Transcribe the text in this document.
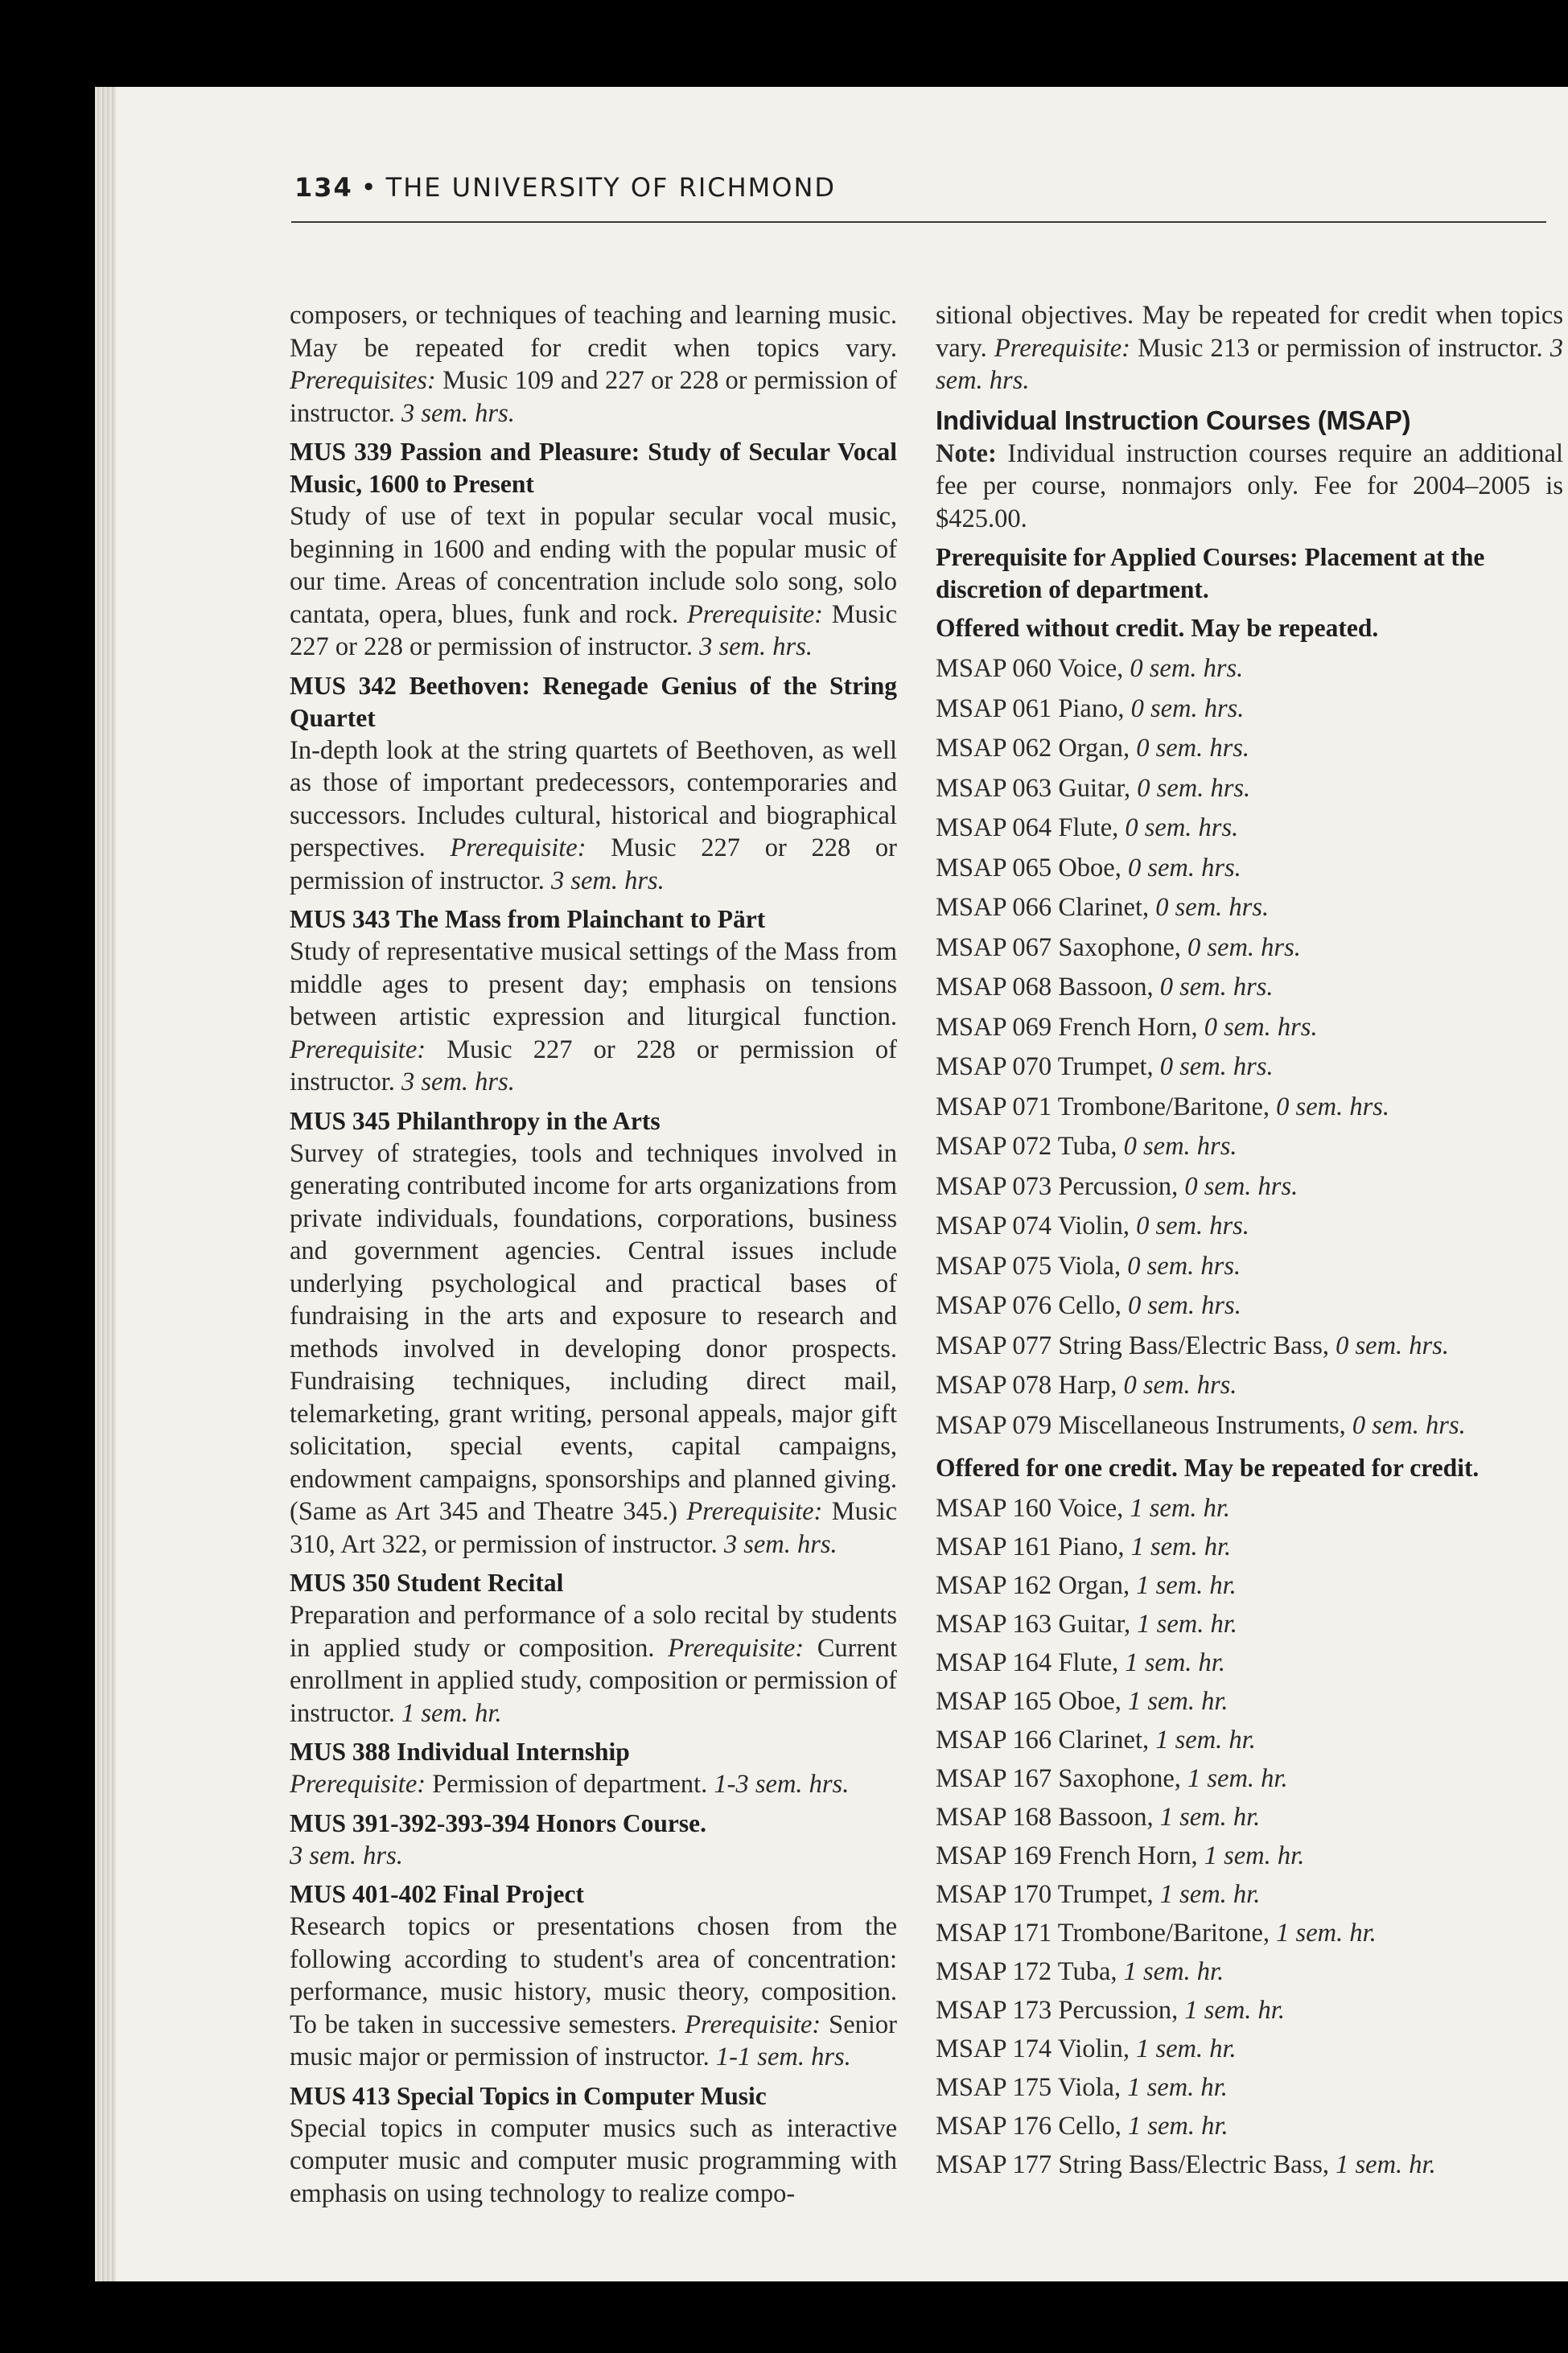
134 • THE UNIVERSITY OF RICHMOND

composers, or techniques of teaching and learning music. May be repeated for credit when topics vary. Prerequisites: Music 109 and 227 or 228 or permission of instructor. 3 sem. hrs.

MUS 339 Passion and Pleasure: Study of Secular Vocal Music, 1600 to Present

Study of use of text in popular secular vocal music, beginning in 1600 and ending with the popular music of our time. Areas of concentration include solo song, solo cantata, opera, blues, funk and rock. Prerequisite: Music 227 or 228 or permission of instructor. 3 sem. hrs.

MUS 342 Beethoven: Renegade Genius of the String Quartet

In-depth look at the string quartets of Beethoven, as well as those of important predecessors, contemporaries and successors. Includes cultural, historical and biographical perspectives. Prerequisite: Music 227 or 228 or permission of instructor. 3 sem. hrs.

MUS 343 The Mass from Plainchant to Pärt

Study of representative musical settings of the Mass from middle ages to present day; emphasis on tensions between artistic expression and liturgical function. Prerequisite: Music 227 or 228 or permission of instructor. 3 sem. hrs.

MUS 345 Philanthropy in the Arts

Survey of strategies, tools and techniques involved in generating contributed income for arts organizations from private individuals, foundations, corporations, business and government agencies. Central issues include underlying psychological and practical bases of fundraising in the arts and exposure to research and methods involved in developing donor prospects. Fundraising techniques, including direct mail, telemarketing, grant writing, personal appeals, major gift solicitation, special events, capital campaigns, endowment campaigns, sponsorships and planned giving. (Same as Art 345 and Theatre 345.) Prerequisite: Music 310, Art 322, or permission of instructor. 3 sem. hrs.

MUS 350 Student Recital

Preparation and performance of a solo recital by students in applied study or composition. Prerequisite: Current enrollment in applied study, composition or permission of instructor. 1 sem. hr.

MUS 388 Individual Internship

Prerequisite: Permission of department. 1-3 sem. hrs.

MUS 391-392-393-394 Honors Course.

3 sem. hrs.

MUS 401-402 Final Project

Research topics or presentations chosen from the following according to student's area of concentration: performance, music history, music theory, composition. To be taken in successive semesters. Prerequisite: Senior music major or permission of instructor. 1-1 sem. hrs.

MUS 413 Special Topics in Computer Music

Special topics in computer musics such as interactive computer music and computer music programming with emphasis on using technology to realize compo-

sitional objectives. May be repeated for credit when topics vary. Prerequisite: Music 213 or permission of instructor. 3 sem. hrs.

Individual Instruction Courses (MSAP)

Note: Individual instruction courses require an additional fee per course, nonmajors only. Fee for 2004–2005 is $425.00.

Prerequisite for Applied Courses: Placement at the discretion of department.

Offered without credit. May be repeated.

MSAP 060 Voice, 0 sem. hrs.
MSAP 061 Piano, 0 sem. hrs.
MSAP 062 Organ, 0 sem. hrs.
MSAP 063 Guitar, 0 sem. hrs.
MSAP 064 Flute, 0 sem. hrs.
MSAP 065 Oboe, 0 sem. hrs.
MSAP 066 Clarinet, 0 sem. hrs.
MSAP 067 Saxophone, 0 sem. hrs.
MSAP 068 Bassoon, 0 sem. hrs.
MSAP 069 French Horn, 0 sem. hrs.
MSAP 070 Trumpet, 0 sem. hrs.
MSAP 071 Trombone/Baritone, 0 sem. hrs.
MSAP 072 Tuba, 0 sem. hrs.
MSAP 073 Percussion, 0 sem. hrs.
MSAP 074 Violin, 0 sem. hrs.
MSAP 075 Viola, 0 sem. hrs.
MSAP 076 Cello, 0 sem. hrs.
MSAP 077 String Bass/Electric Bass, 0 sem. hrs.
MSAP 078 Harp, 0 sem. hrs.
MSAP 079 Miscellaneous Instruments, 0 sem. hrs.

Offered for one credit. May be repeated for credit.

MSAP 160 Voice, 1 sem. hr.
MSAP 161 Piano, 1 sem. hr.
MSAP 162 Organ, 1 sem. hr.
MSAP 163 Guitar, 1 sem. hr.
MSAP 164 Flute, 1 sem. hr.
MSAP 165 Oboe, 1 sem. hr.
MSAP 166 Clarinet, 1 sem. hr.
MSAP 167 Saxophone, 1 sem. hr.
MSAP 168 Bassoon, 1 sem. hr.
MSAP 169 French Horn, 1 sem. hr.
MSAP 170 Trumpet, 1 sem. hr.
MSAP 171 Trombone/Baritone, 1 sem. hr.
MSAP 172 Tuba, 1 sem. hr.
MSAP 173 Percussion, 1 sem. hr.
MSAP 174 Violin, 1 sem. hr.
MSAP 175 Viola, 1 sem. hr.
MSAP 176 Cello, 1 sem. hr.
MSAP 177 String Bass/Electric Bass, 1 sem. hr.
